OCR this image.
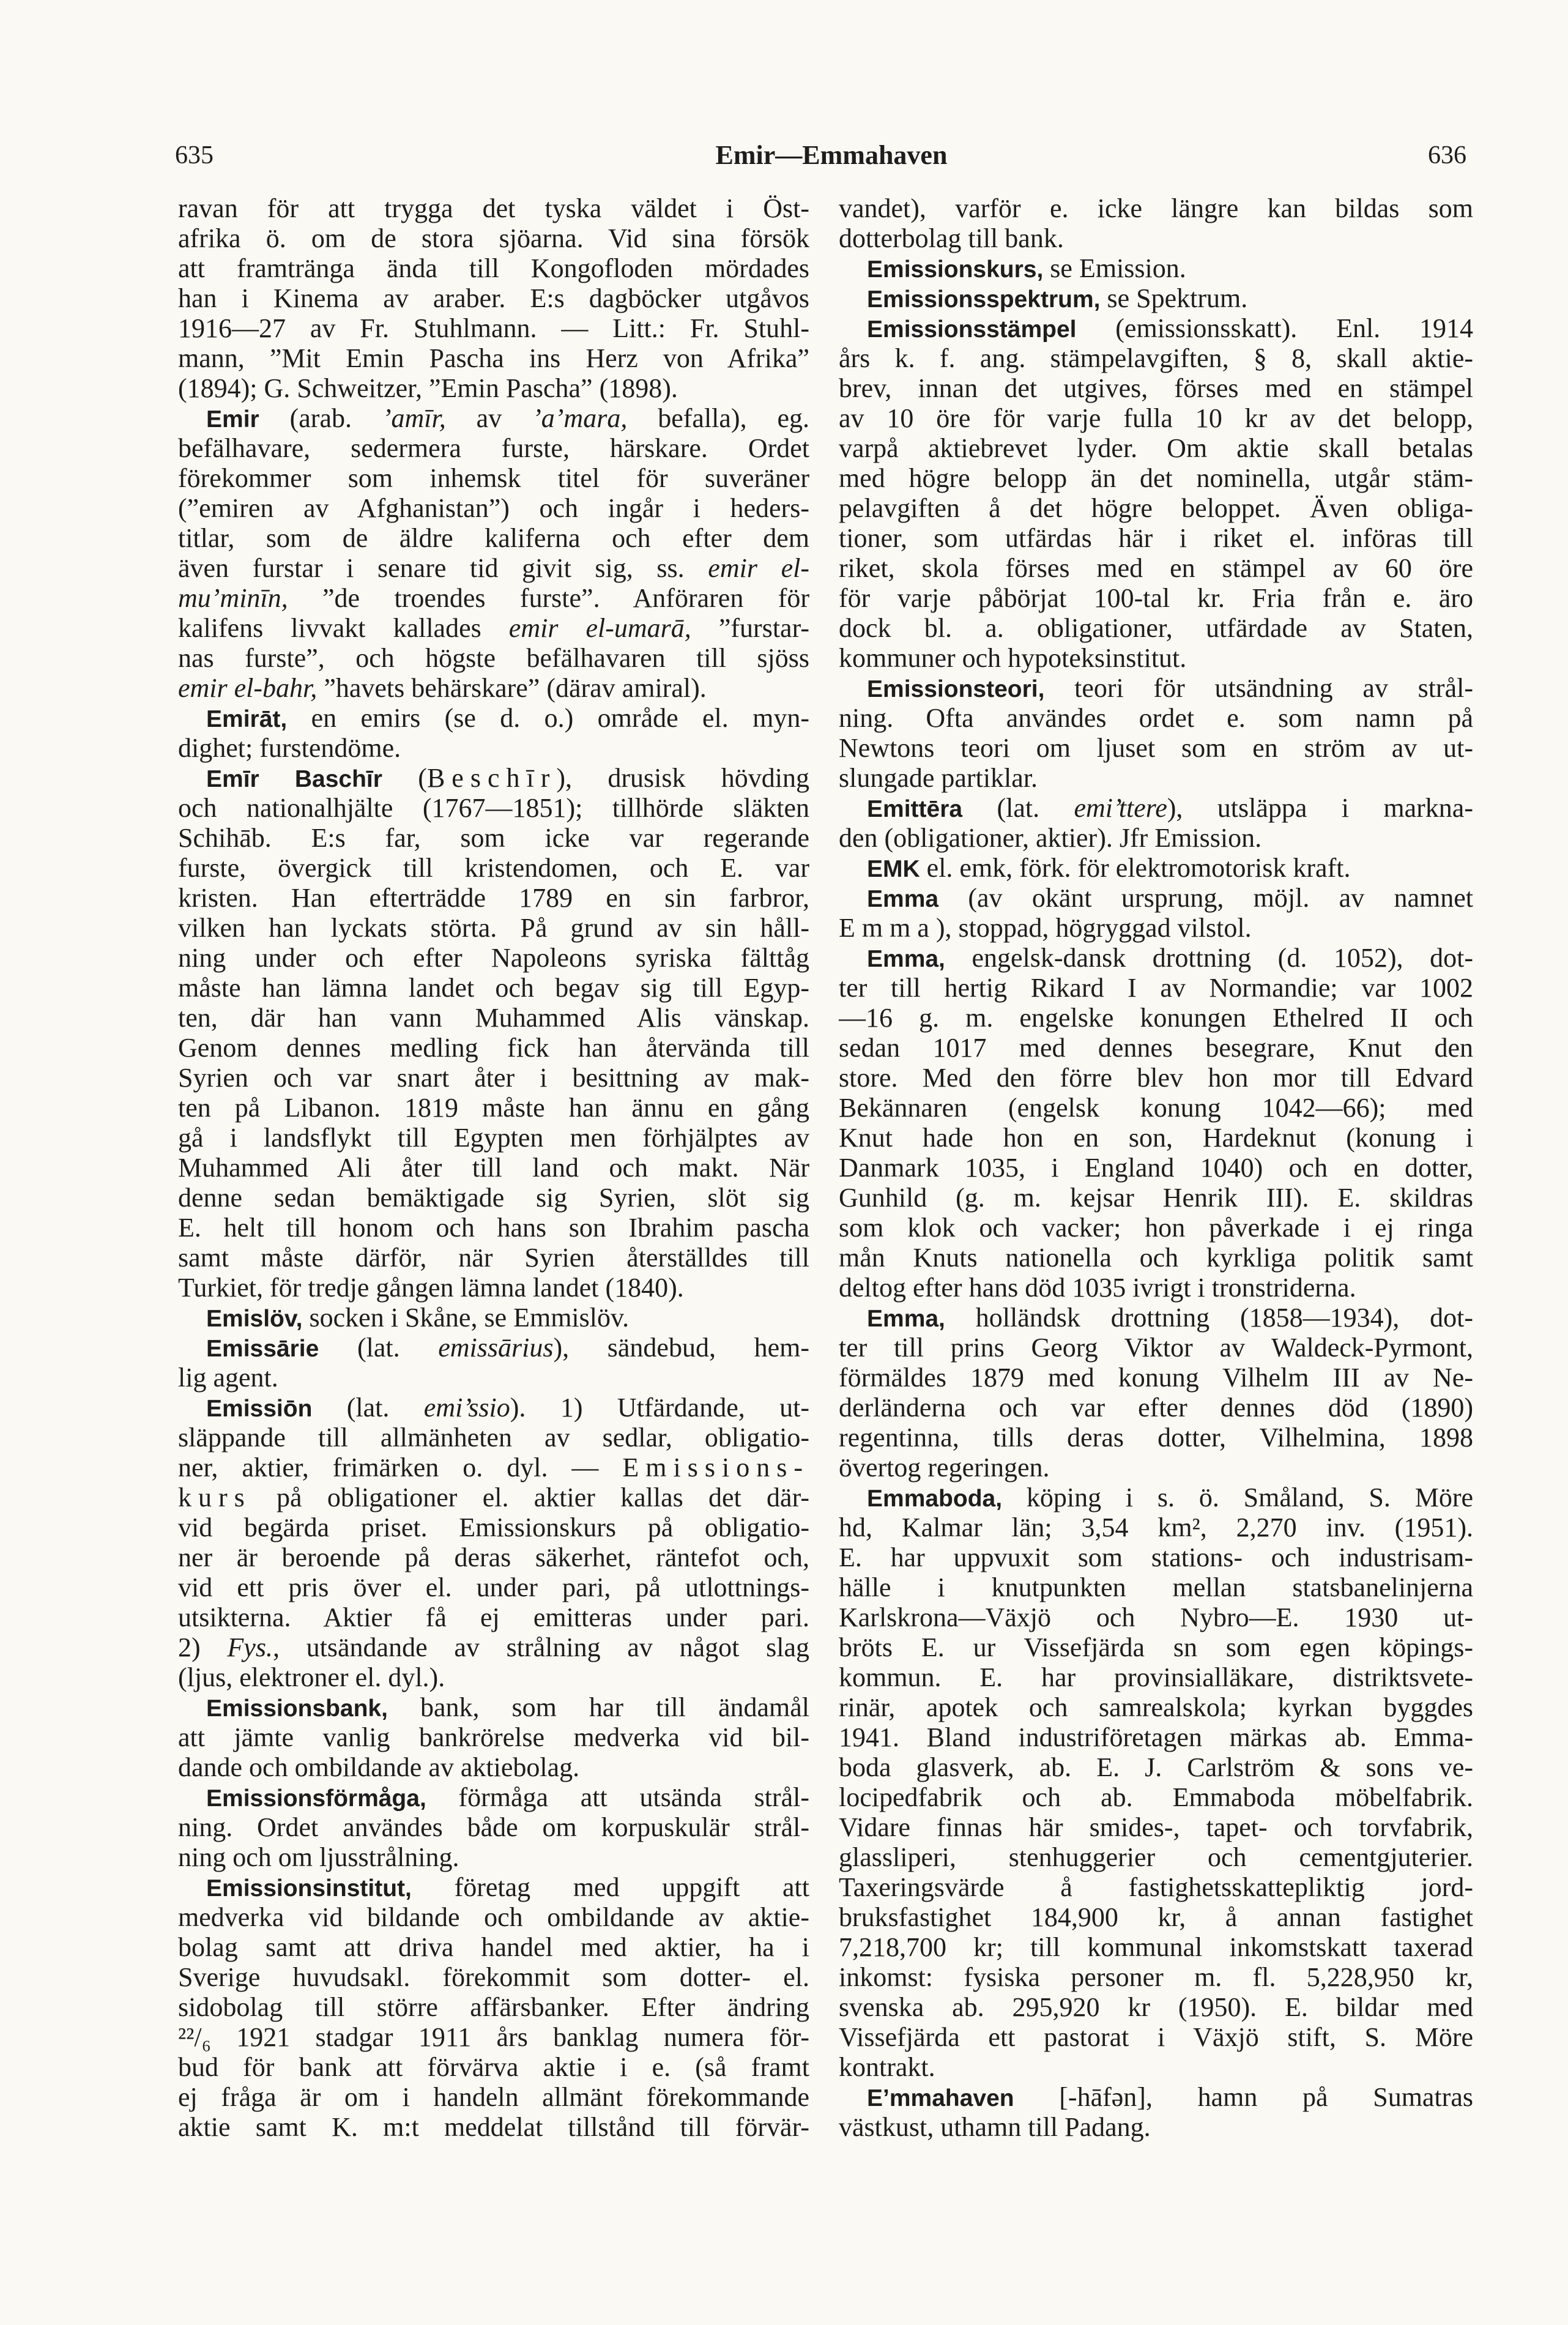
635	Emir—Emmahaven	636
ravan för att trygga det tyska väldet i Öst-
afrika ö. om de stora sjöarna. Vid sina försök
att framtränga ända till Kongofloden mördades
han i Kinema av araber. E:s dagböcker utgåvos
1916—27 av Fr. Stuhlmann. — Litt.: Fr. Stuhl-
mann, ”Mit Emin Pascha ins Herz von Afrika”
(1894); G. Schweitzer, ”Emin Pascha” (1898).
Emir (arab. ’amīr, av ’a’mara, befalla), eg.
befälhavare, sedermera furste, härskare. Ordet
förekommer som inhemsk titel för suveräner
(”emiren av Afghanistan”) och ingår i heders-
titlar, som de äldre kaliferna och efter dem
även furstar i senare tid givit sig, ss. emir el-
mu’minīn, ”de troendes furste”. Anföraren för
kalifens livvakt kallades emir el-umarā, ”furstar-
nas furste”, och högste befälhavaren till sjöss
emir el-bahr, ”havets behärskare” (därav amiral).
Emirāt, en emirs (se d. o.) område el. myn-
dighet; furstendöme.
Emīr Baschīr (Beschīr), drusisk hövding
och nationalhjälte (1767—1851); tillhörde släkten
Schihāb. E:s far, som icke var regerande
furste, övergick till kristendomen, och E. var
kristen. Han efterträdde 1789 en sin farbror,
vilken han lyckats störta. På grund av sin håll-
ning under och efter Napoleons syriska fälttåg
måste han lämna landet och begav sig till Egyp-
ten, där han vann Muhammed Alis vänskap.
Genom dennes medling fick han återvända till
Syrien och var snart åter i besittning av mak-
ten på Libanon. 1819 måste han ännu en gång
gå i landsflykt till Egypten men förhjälptes av
Muhammed Ali åter till land och makt. När
denne sedan bemäktigade sig Syrien, slöt sig
E. helt till honom och hans son Ibrahim pascha
samt måste därför, när Syrien återställdes till
Turkiet, för tredje gången lämna landet (1840).
Emislöv, socken i Skåne, se Emmislöv.
Emissārie (lat. emissārius), sändebud, hem-
lig agent.
Emissiōn (lat. emi’ssio). 1) Utfärdande, ut-
släppande till allmänheten av sedlar, obligatio-
ner, aktier, frimärken o. dyl. — Emissions-
kurs på obligationer el. aktier kallas det där-
vid begärda priset. Emissionskurs på obligatio-
ner är beroende på deras säkerhet, räntefot och,
vid ett pris över el. under pari, på utlottnings-
utsikterna. Aktier få ej emitteras under pari.
2) Fys., utsändande av strålning av något slag
(ljus, elektroner el. dyl.).
Emissionsbank, bank, som har till ändamål
att jämte vanlig bankrörelse medverka vid bil-
dande och ombildande av aktiebolag.
Emissionsförmåga, förmåga att utsända strål-
ning. Ordet användes både om korpuskulär strål-
ning och om ljusstrålning.
Emissionsinstitut, företag med uppgift att
medverka vid bildande och ombildande av aktie-
bolag samt att driva handel med aktier, ha i
Sverige huvudsakl. förekommit som dotter- el.
sidobolag till större affärsbanker. Efter ändring
²²/₆ 1921 stadgar 1911 års banklag numera för-
bud för bank att förvärva aktie i e. (så framt
ej fråga är om i handeln allmänt förekommande
aktie samt K. m:t meddelat tillstånd till förvär-
vandet), varför e. icke längre kan bildas som
dotterbolag till bank.
Emissionskurs, se Emission.
Emissionsspektrum, se Spektrum.
Emissionsstämpel (emissionsskatt). Enl. 1914
års k. f. ang. stämpelavgiften, § 8, skall aktie-
brev, innan det utgives, förses med en stämpel
av 10 öre för varje fulla 10 kr av det belopp,
varpå aktiebrevet lyder. Om aktie skall betalas
med högre belopp än det nominella, utgår stäm-
pelavgiften å det högre beloppet. Även obliga-
tioner, som utfärdas här i riket el. införas till
riket, skola förses med en stämpel av 60 öre
för varje påbörjat 100-tal kr. Fria från e. äro
dock bl. a. obligationer, utfärdade av Staten,
kommuner och hypoteksinstitut.
Emissionsteori, teori för utsändning av strål-
ning. Ofta användes ordet e. som namn på
Newtons teori om ljuset som en ström av ut-
slungade partiklar.
Emittēra (lat. emi’ttere), utsläppa i markna-
den (obligationer, aktier). Jfr Emission.
EMK el. emk, förk. för elektromotorisk kraft.
Emma (av okänt ursprung, möjl. av namnet
Emma), stoppad, högryggad vilstol.
Emma, engelsk-dansk drottning (d. 1052), dot-
ter till hertig Rikard I av Normandie; var 1002
—16 g. m. engelske konungen Ethelred II och
sedan 1017 med dennes besegrare, Knut den
store. Med den förre blev hon mor till Edvard
Bekännaren (engelsk konung 1042—66); med
Knut hade hon en son, Hardeknut (konung i
Danmark 1035, i England 1040) och en dotter,
Gunhild (g. m. kejsar Henrik III). E. skildras
som klok och vacker; hon påverkade i ej ringa
mån Knuts nationella och kyrkliga politik samt
deltog efter hans död 1035 ivrigt i tronstriderna.
Emma, holländsk drottning (1858—1934), dot-
ter till prins Georg Viktor av Waldeck-Pyrmont,
förmäldes 1879 med konung Vilhelm III av Ne-
derländerna och var efter dennes död (1890)
regentinna, tills deras dotter, Vilhelmina, 1898
övertog regeringen.
Emmaboda, köping i s. ö. Småland, S. Möre
hd, Kalmar län; 3,54 km², 2,270 inv. (1951).
E. har uppvuxit som stations- och industrisam-
hälle i knutpunkten mellan statsbanelinjerna
Karlskrona—Växjö och Nybro—E. 1930 ut-
bröts E. ur Vissefjärda sn som egen köpings-
kommun. E. har provinsialläkare, distriktsvete-
rinär, apotek och samrealskola; kyrkan byggdes
1941. Bland industriföretagen märkas ab. Emma-
boda glasverk, ab. E. J. Carlström & sons ve-
locipedfabrik och ab. Emmaboda möbelfabrik.
Vidare finnas här smides-, tapet- och torvfabrik,
glassliperi, stenhuggerier och cementgjuterier.
Taxeringsvärde å fastighetsskattepliktig jord-
bruksfastighet 184,900 kr, å annan fastighet
7,218,700 kr; till kommunal inkomstskatt taxerad
inkomst: fysiska personer m. fl. 5,228,950 kr,
svenska ab. 295,920 kr (1950). E. bildar med
Vissefjärda ett pastorat i Växjö stift, S. Möre
kontrakt.
E’mmahaven [-hāfən], hamn på Sumatras
västkust, uthamn till Padang.
